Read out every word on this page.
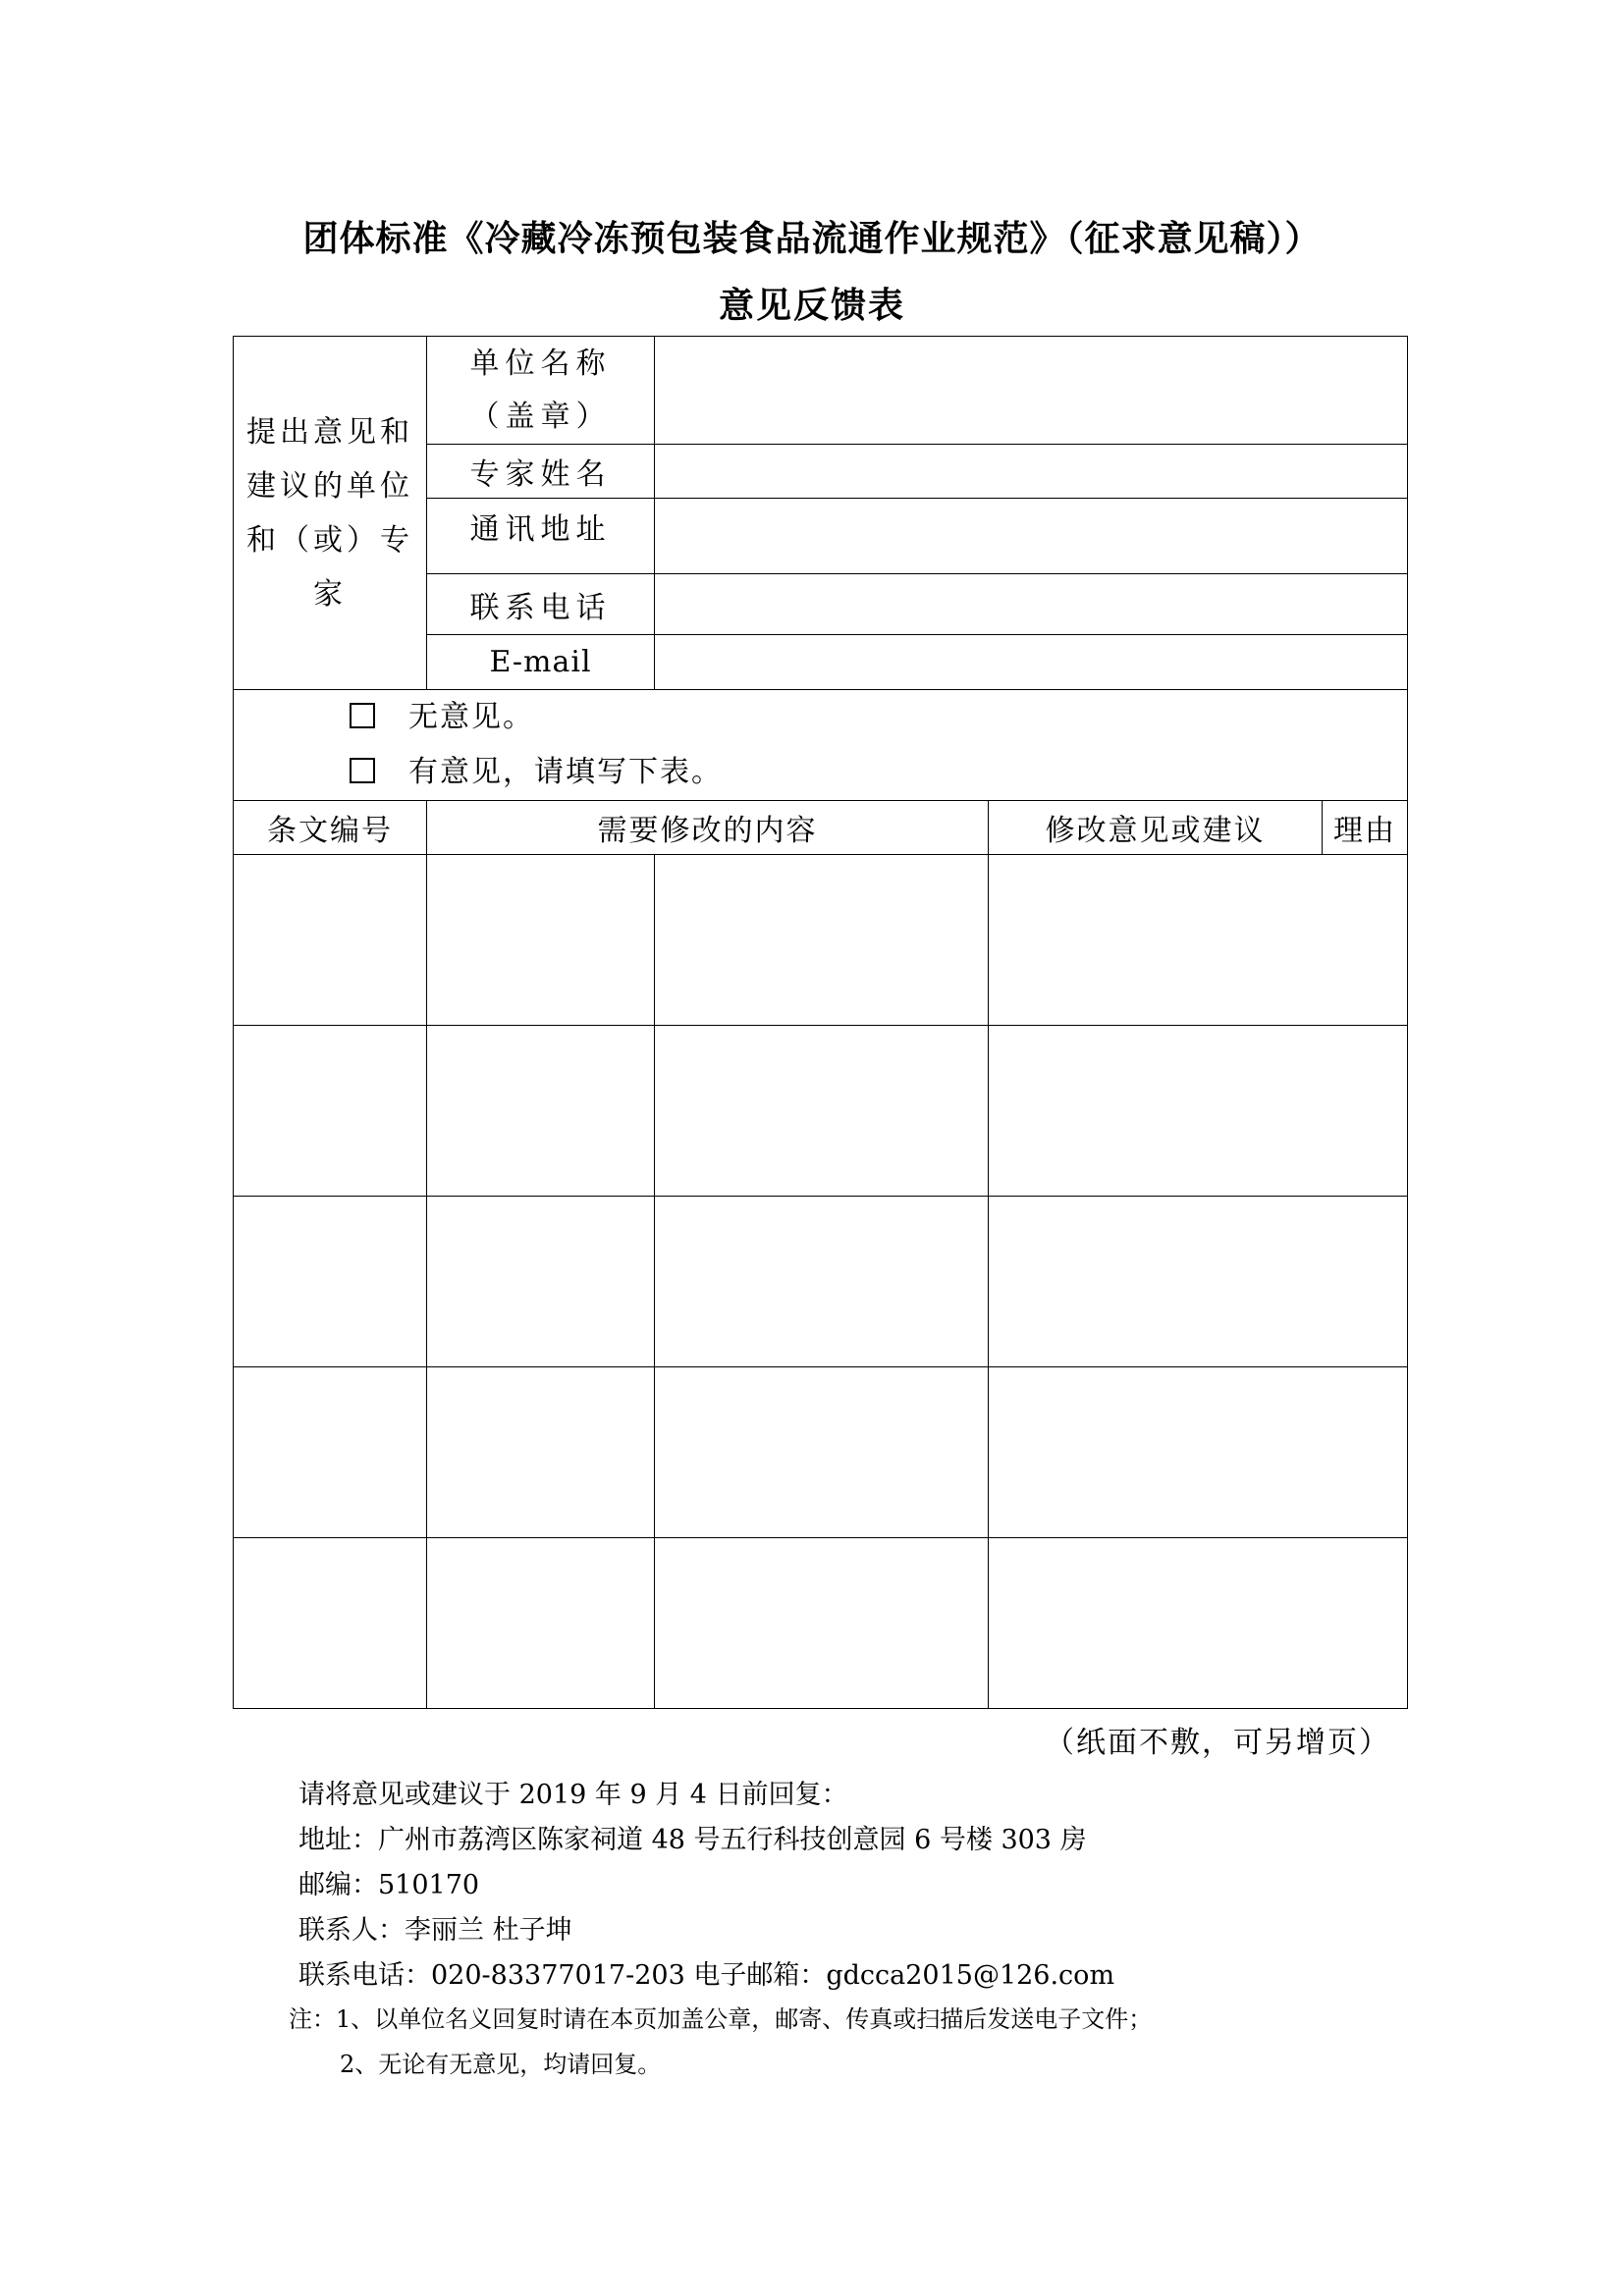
团体标准《冷藏冷冻预包装食品流通作业规范》（征求意见稿））
意见反馈表
提出意见和
建议的单位
和（或）专
家	单位名称
（盖章）			

	专家姓名			
	通讯地址			
	联系电话			
	E-mail			

无意见。
有意见，请填写下表。				

条文编号	需要修改的内容		修改意见或建议	理由

（纸面不敷，可另增页）
请将意见或建议于 2019 年 9 月 4 日前回复：
地址：广州市荔湾区陈家祠道 48 号五行科技创意园 6 号楼 303 房
邮编：510170
联系人：李丽兰 杜子坤
联系电话：020-83377017-203 电子邮箱：gdcca2015@126.com
注：1、以单位名义回复时请在本页加盖公章，邮寄、传真或扫描后发送电子文件；
2、无论有无意见，均请回复。
